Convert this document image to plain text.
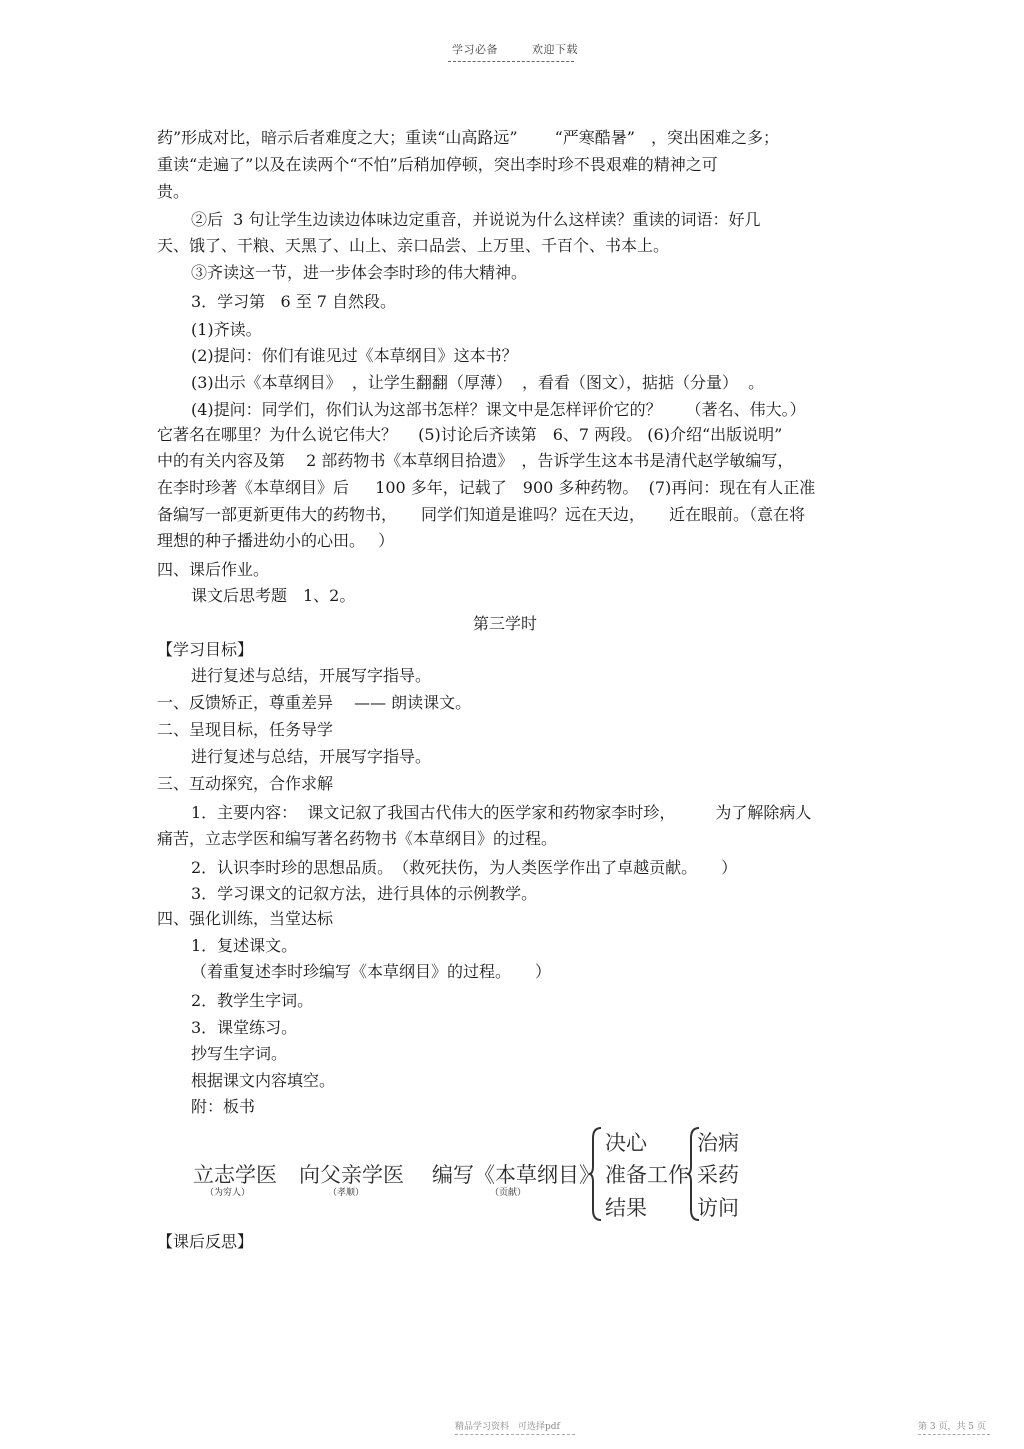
学习必备	欢迎下载
药”形成对比，暗示后者难度之大；重读“山高路远”　　 “严寒酷暑”　，突出困难之多；
重读“走遍了”以及在读两个“不怕”后稍加停顿，突出李时珍不畏艰难的精神之可
贵。
②后  3 句让学生边读边体味边定重音，并说说为什么这样读？重读的词语：好几
天、饿了、干粮、天黑了、山上、亲口品尝、上万里、千百个、书本上。
③齐读这一节，进一步体会李时珍的伟大精神。
3．学习第   6 至 7 自然段。
(1)齐读。
(2)提问：你们有谁见过《本草纲目》这本书？
(3)出示《本草纲目》  ，让学生翻翻（厚薄）  ，看看（图文），掂掂（分量）  。
(4)提问：同学们，你们认为这部书怎样？课文中是怎样评价它的？　　（著名、伟大。）
它著名在哪里？为什么说它伟大？　 (5)讨论后齐读第　6、7 两段。 (6)介绍“出版说明”
中的有关内容及第　 2 部药物书《本草纲目拾遗》　，告诉学生这本书是清代赵学敏编写，
在李时珍著《本草纲目》后　  100 多年，记载了　900 多种药物。  (7)再问：现在有人正准
备编写一部更新更伟大的药物书，　　同学们知道是谁吗？远在天边，　　近在眼前。（意在将
理想的种子播进幼小的心田。　 ）
四、课后作业。
课文后思考题　1、2。
第三学时
【学习目标】
进行复述与总结，开展写字指导。
一、反馈矫正，尊重差异　 —— 朗读课文。
二、呈现目标，任务导学
进行复述与总结，开展写字指导。
三、互动探究，合作求解
1．主要内容：  课文记叙了我国古代伟大的医学家和药物家李时珍，　　　为了解除病人
痛苦，立志学医和编写著名药物书《本草纲目》的过程。
2．认识李时珍的思想品质。　（救死扶伤，为人类医学作出了卓越贡献。　　）
3．学习课文的记叙方法，进行具体的示例教学。
四、强化训练，当堂达标
1．复述课文。
（着重复述李时珍编写《本草纲目》的过程。　　）
2．教学生字词。
3．课堂练习。
抄写生字词。
根据课文内容填空。
附：板书
立志学医
（为穷人）
向父亲学医
（孝顺）
编写《本草纲目》
（贡献）
决心
准备工作
结果
治病
采药
访问
【课后反思】
精品学习资料　可选择pdf	第 3 页，共 5 页
